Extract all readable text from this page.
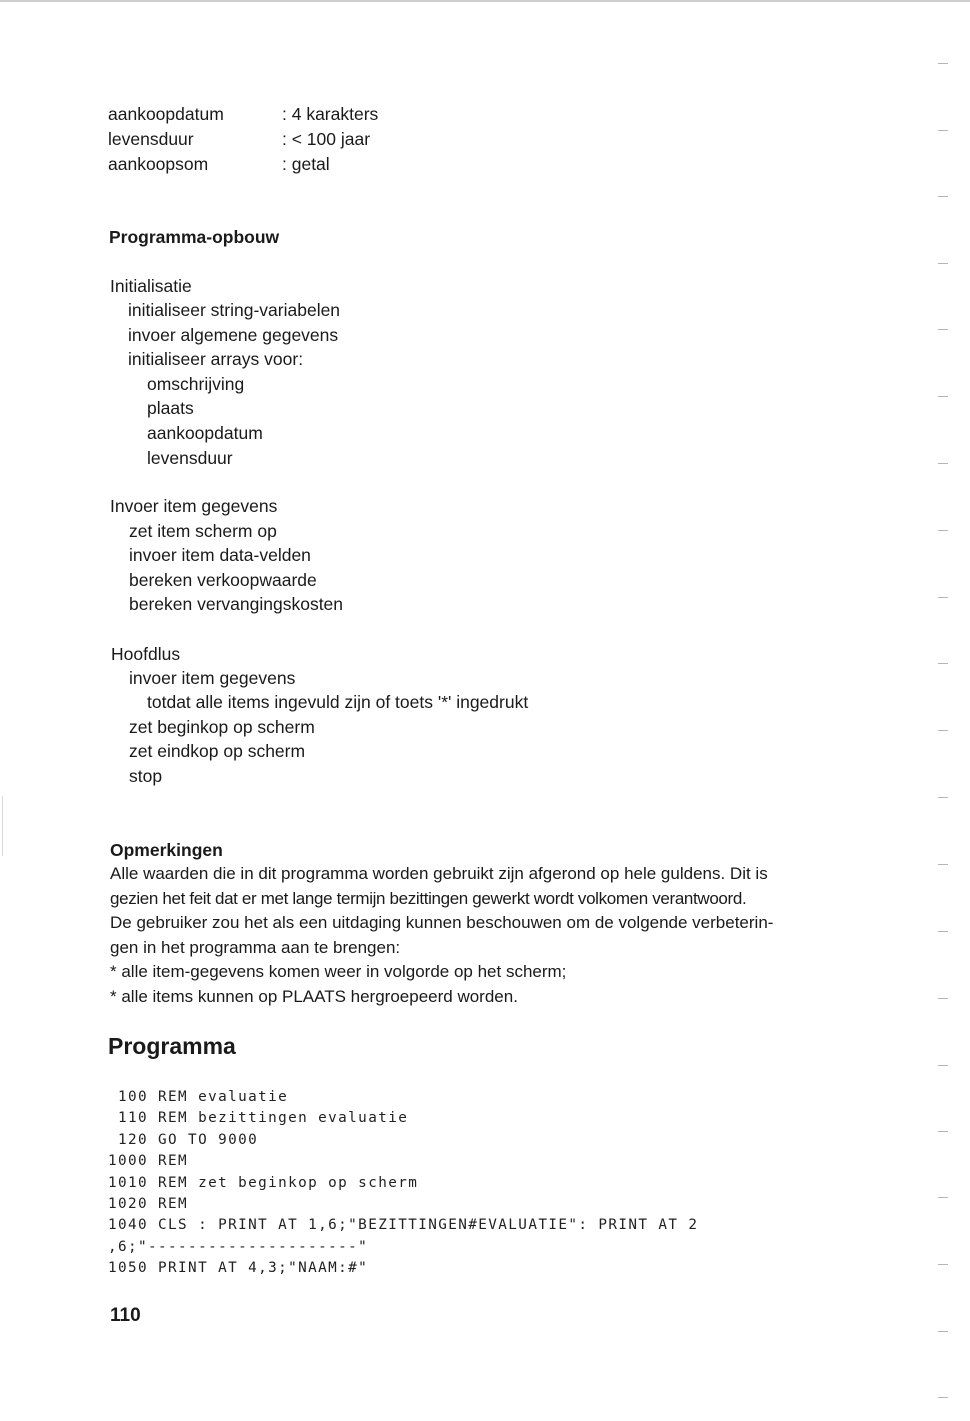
aankoopdatum	: 4 karakters
levensduur	: < 100 jaar
aankoopsom	: getal
Programma-opbouw
Initialisatie
initialiseer string-variabelen
invoer algemene gegevens
initialiseer arrays voor:
omschrijving
plaats
aankoopdatum
levensduur
Invoer item gegevens
zet item scherm op
invoer item data-velden
bereken verkoopwaarde
bereken vervangingskosten
Hoofdlus
invoer item gegevens
totdat alle items ingevuld zijn of toets '*' ingedrukt
zet beginkop op scherm
zet eindkop op scherm
stop
Opmerkingen
Alle waarden die in dit programma worden gebruikt zijn afgerond op hele guldens. Dit is
gezien het feit dat er met lange termijn bezittingen gewerkt wordt volkomen verantwoord.
De gebruiker zou het als een uitdaging kunnen beschouwen om de volgende verbeterin-
gen in het programma aan te brengen:
* alle item-gegevens komen weer in volgorde op het scherm;
* alle items kunnen op PLAATS hergroepeerd worden.
Programma
100 REM evaluatie
110 REM bezittingen evaluatie
120 GO TO 9000
1000 REM
1010 REM zet beginkop op scherm
1020 REM
1040 CLS : PRINT AT 1,6;"BEZITTINGEN#EVALUATIE": PRINT AT 2
,6;"---------------------"
1050 PRINT AT 4,3;"NAAM:#"
110
